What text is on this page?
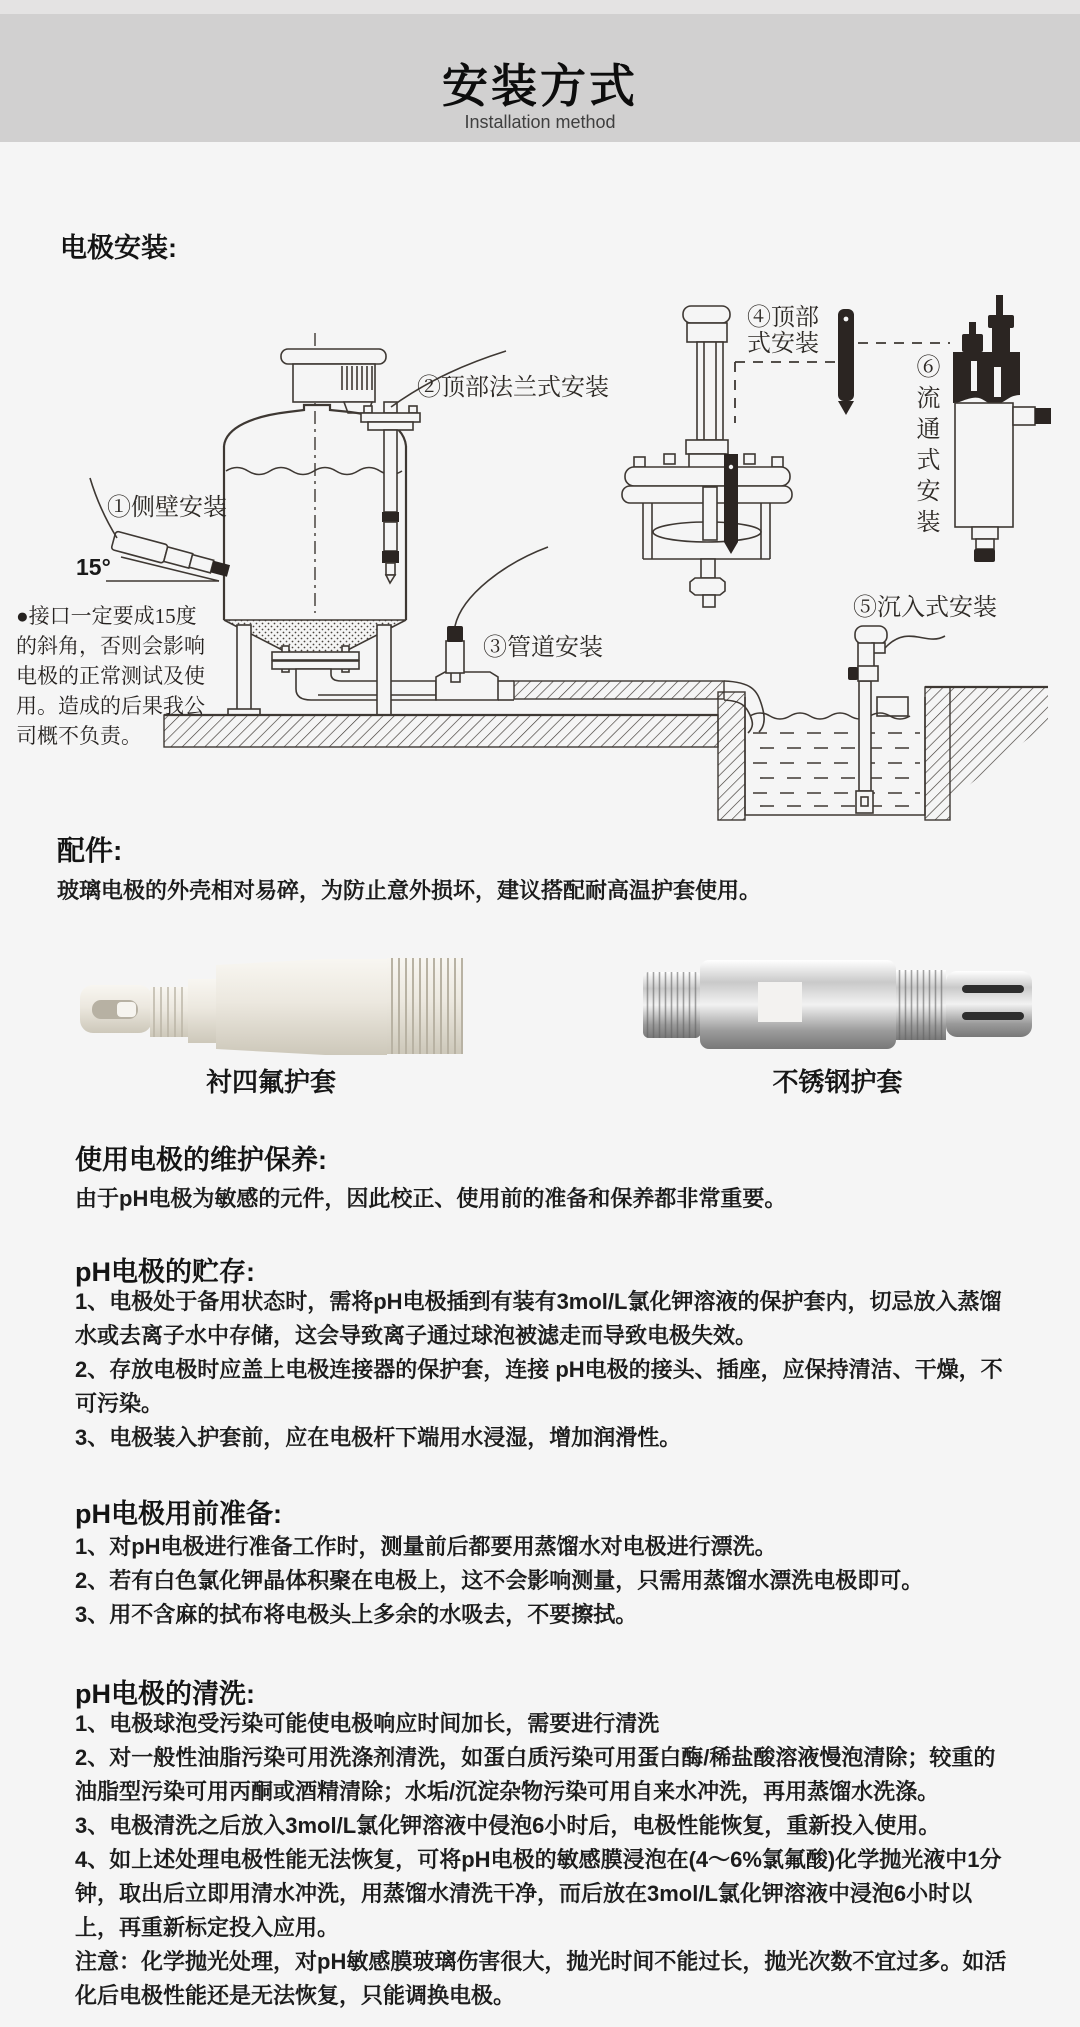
安装方式
Installation method
电极安装:
①侧壁安装
②顶部法兰式安装
③管道安装
④顶部
式安装
⑤沉入式安装
15°
●接口一定要成15度
的斜角，否则会影响
电极的正常测试及使
用。造成的后果我公
司概不负责。
⑥流通式安装
配件:
玻璃电极的外壳相对易碎，为防止意外损坏，建议搭配耐高温护套使用。
衬四氟护套	不锈钢护套
使用电极的维护保养:
由于pH电极为敏感的元件，因此校正、使用前的准备和保养都非常重要。
pH电极的贮存:
1、电极处于备用状态时，需将pH电极插到有装有3mol/L氯化钾溶液的保护套内，切忌放入蒸馏水或去离子水中存储，这会导致离子通过球泡被滤走而导致电极失效。
2、存放电极时应盖上电极连接器的保护套，连接 pH电极的接头、插座，应保持清洁、干燥，不可污染。
3、电极装入护套前，应在电极杆下端用水浸湿，增加润滑性。
pH电极用前准备:
1、对pH电极进行准备工作时，测量前后都要用蒸馏水对电极进行漂洗。
2、若有白色氯化钾晶体积聚在电极上，这不会影响测量，只需用蒸馏水漂洗电极即可。
3、用不含麻的拭布将电极头上多余的水吸去，不要擦拭。
pH电极的清洗:
1、电极球泡受污染可能使电极响应时间加长，需要进行清洗
2、对一般性油脂污染可用洗涤剂清洗，如蛋白质污染可用蛋白酶/稀盐酸溶液慢泡清除；较重的油脂型污染可用丙酮或酒精清除；水垢/沉淀杂物污染可用自来水冲洗，再用蒸馏水洗涤。
3、电极清洗之后放入3mol/L氯化钾溶液中侵泡6小时后，电极性能恢复，重新投入使用。
4、如上述处理电极性能无法恢复，可将pH电极的敏感膜浸泡在(4～6%氯氟酸)化学抛光液中1分钟，取出后立即用清水冲洗，用蒸馏水清洗干净，而后放在3mol/L氯化钾溶液中浸泡6小时以上，再重新标定投入应用。
注意：化学抛光处理，对pH敏感膜玻璃伤害很大，抛光时间不能过长，抛光次数不宜过多。如活化后电极性能还是无法恢复，只能调换电极。
